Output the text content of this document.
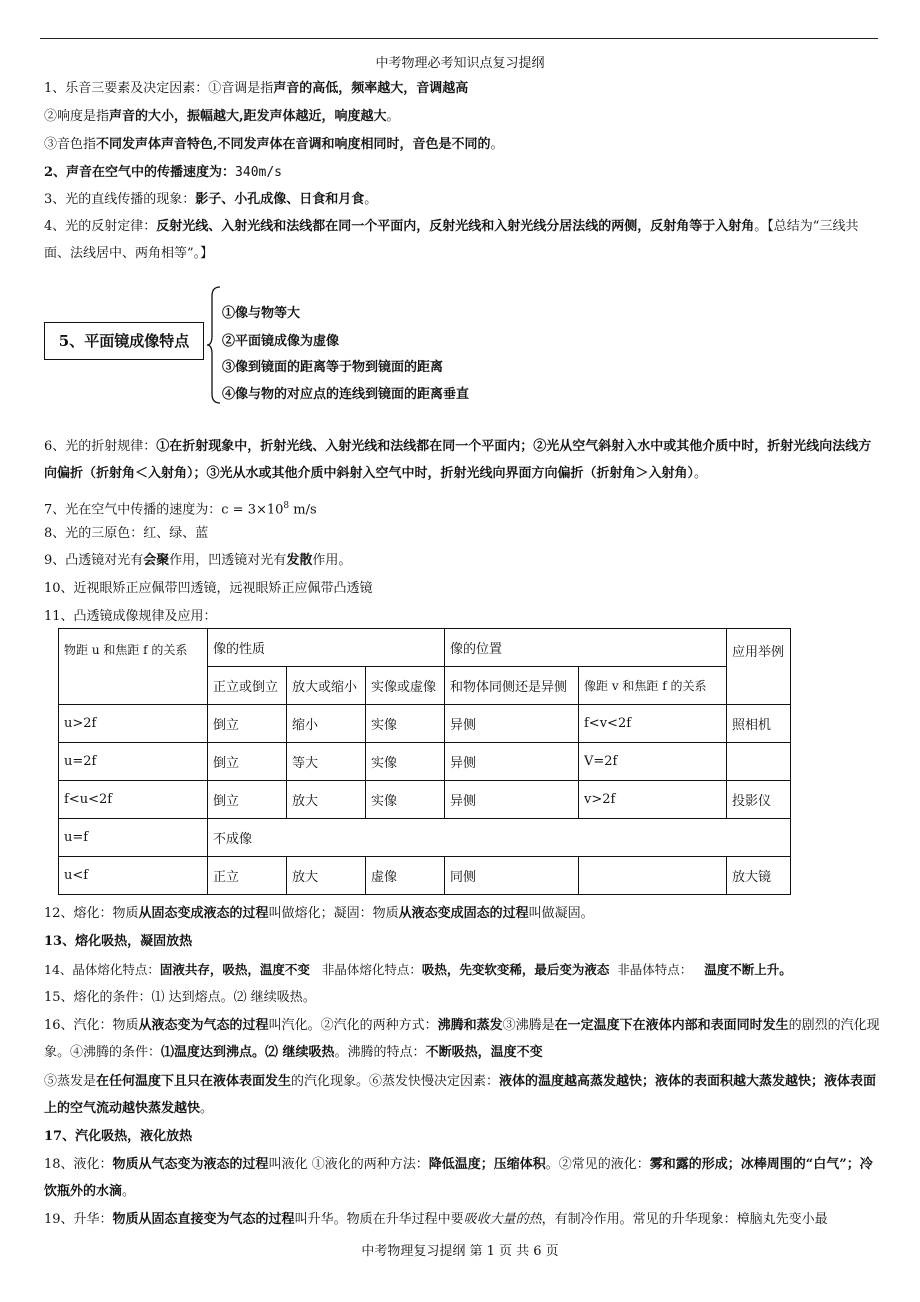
中考物理必考知识点复习提纲
1、乐音三要素及决定因素：①音调是指声音的高低，频率越大，音调越高
②响度是指声音的大小，振幅越大,距发声体越近，响度越大。
③音色指不同发声体声音特色,不同发声体在音调和响度相同时，音色是不同的。
2、声音在空气中的传播速度为：340m/s
3、光的直线传播的现象：影子、小孔成像、日食和月食。
4、光的反射定律：反射光线、入射光线和法线都在同一个平面内，反射光线和入射光线分居法线的两侧，反射角等于入射角。【总结为“三线共面、法线居中、两角相等”。】
5、平面镜成像特点
①像与物等大
②平面镜成像为虚像
③像到镜面的距离等于物到镜面的距离
④像与物的对应点的连线到镜面的距离垂直
6、光的折射规律：①在折射现象中，折射光线、入射光线和法线都在同一个平面内；②光从空气斜射入水中或其他介质中时，折射光线向法线方向偏折（折射角＜入射角）；③光从水或其他介质中斜射入空气中时，折射光线向界面方向偏折（折射角＞入射角）。
7、光在空气中传播的速度为：$c = 3\times 10^8$ m/s
8、光的三原色：红、绿、蓝
9、凸透镜对光有会聚作用，凹透镜对光有发散作用。
10、近视眼矫正应佩带凹透镜，远视眼矫正应佩带凸透镜
11、凸透镜成像规律及应用：
物距 u 和焦距 f 的关系	像的性质			像的位置		应用举例
	正立或倒立	放大或缩小	实像或虚像	和物体同侧还是异侧	像距 v 和焦距 f 的关系	
u>2f	倒立	缩小	实像	异侧	f<v<2f	照相机
u=2f	倒立	等大	实像	异侧	V=2f	
f<u<2f	倒立	放大	实像	异侧	v>2f	投影仪
u=f	不成像					
u<f	正立	放大	虚像	同侧		放大镜
12、熔化：物质从固态变成液态的过程叫做熔化；凝固：物质从液态变成固态的过程叫做凝固。
13、熔化吸热，凝固放热
14、晶体熔化特点：固液共存，吸热，温度不变   非晶体熔化特点：吸热，先变软变稀，最后变为液态  非晶体特点：   温度不断上升。
15、熔化的条件：⑴ 达到熔点。⑵ 继续吸热。
16、汽化：物质从液态变为气态的过程叫汽化。②汽化的两种方式：沸腾和蒸发③沸腾是在一定温度下在液体内部和表面同时发生的剧烈的汽化现象。④沸腾的条件：⑴温度达到沸点。⑵ 继续吸热。沸腾的特点：不断吸热，温度不变
⑤蒸发是在任何温度下且只在液体表面发生的汽化现象。⑥蒸发快慢决定因素：液体的温度越高蒸发越快；液体的表面积越大蒸发越快；液体表面上的空气流动越快蒸发越快。
17、汽化吸热，液化放热
18、液化：物质从气态变为液态的过程叫液化 ①液化的两种方法：降低温度；压缩体积。②常见的液化：雾和露的形成；冰棒周围的“白气”；冷饮瓶外的水滴。
19、升华：物质从固态直接变为气态的过程叫升华。物质在升华过程中要吸收大量的热，有制冷作用。常见的升华现象：樟脑丸先变小最
中考物理复习提纲 第 1 页 共 6 页
